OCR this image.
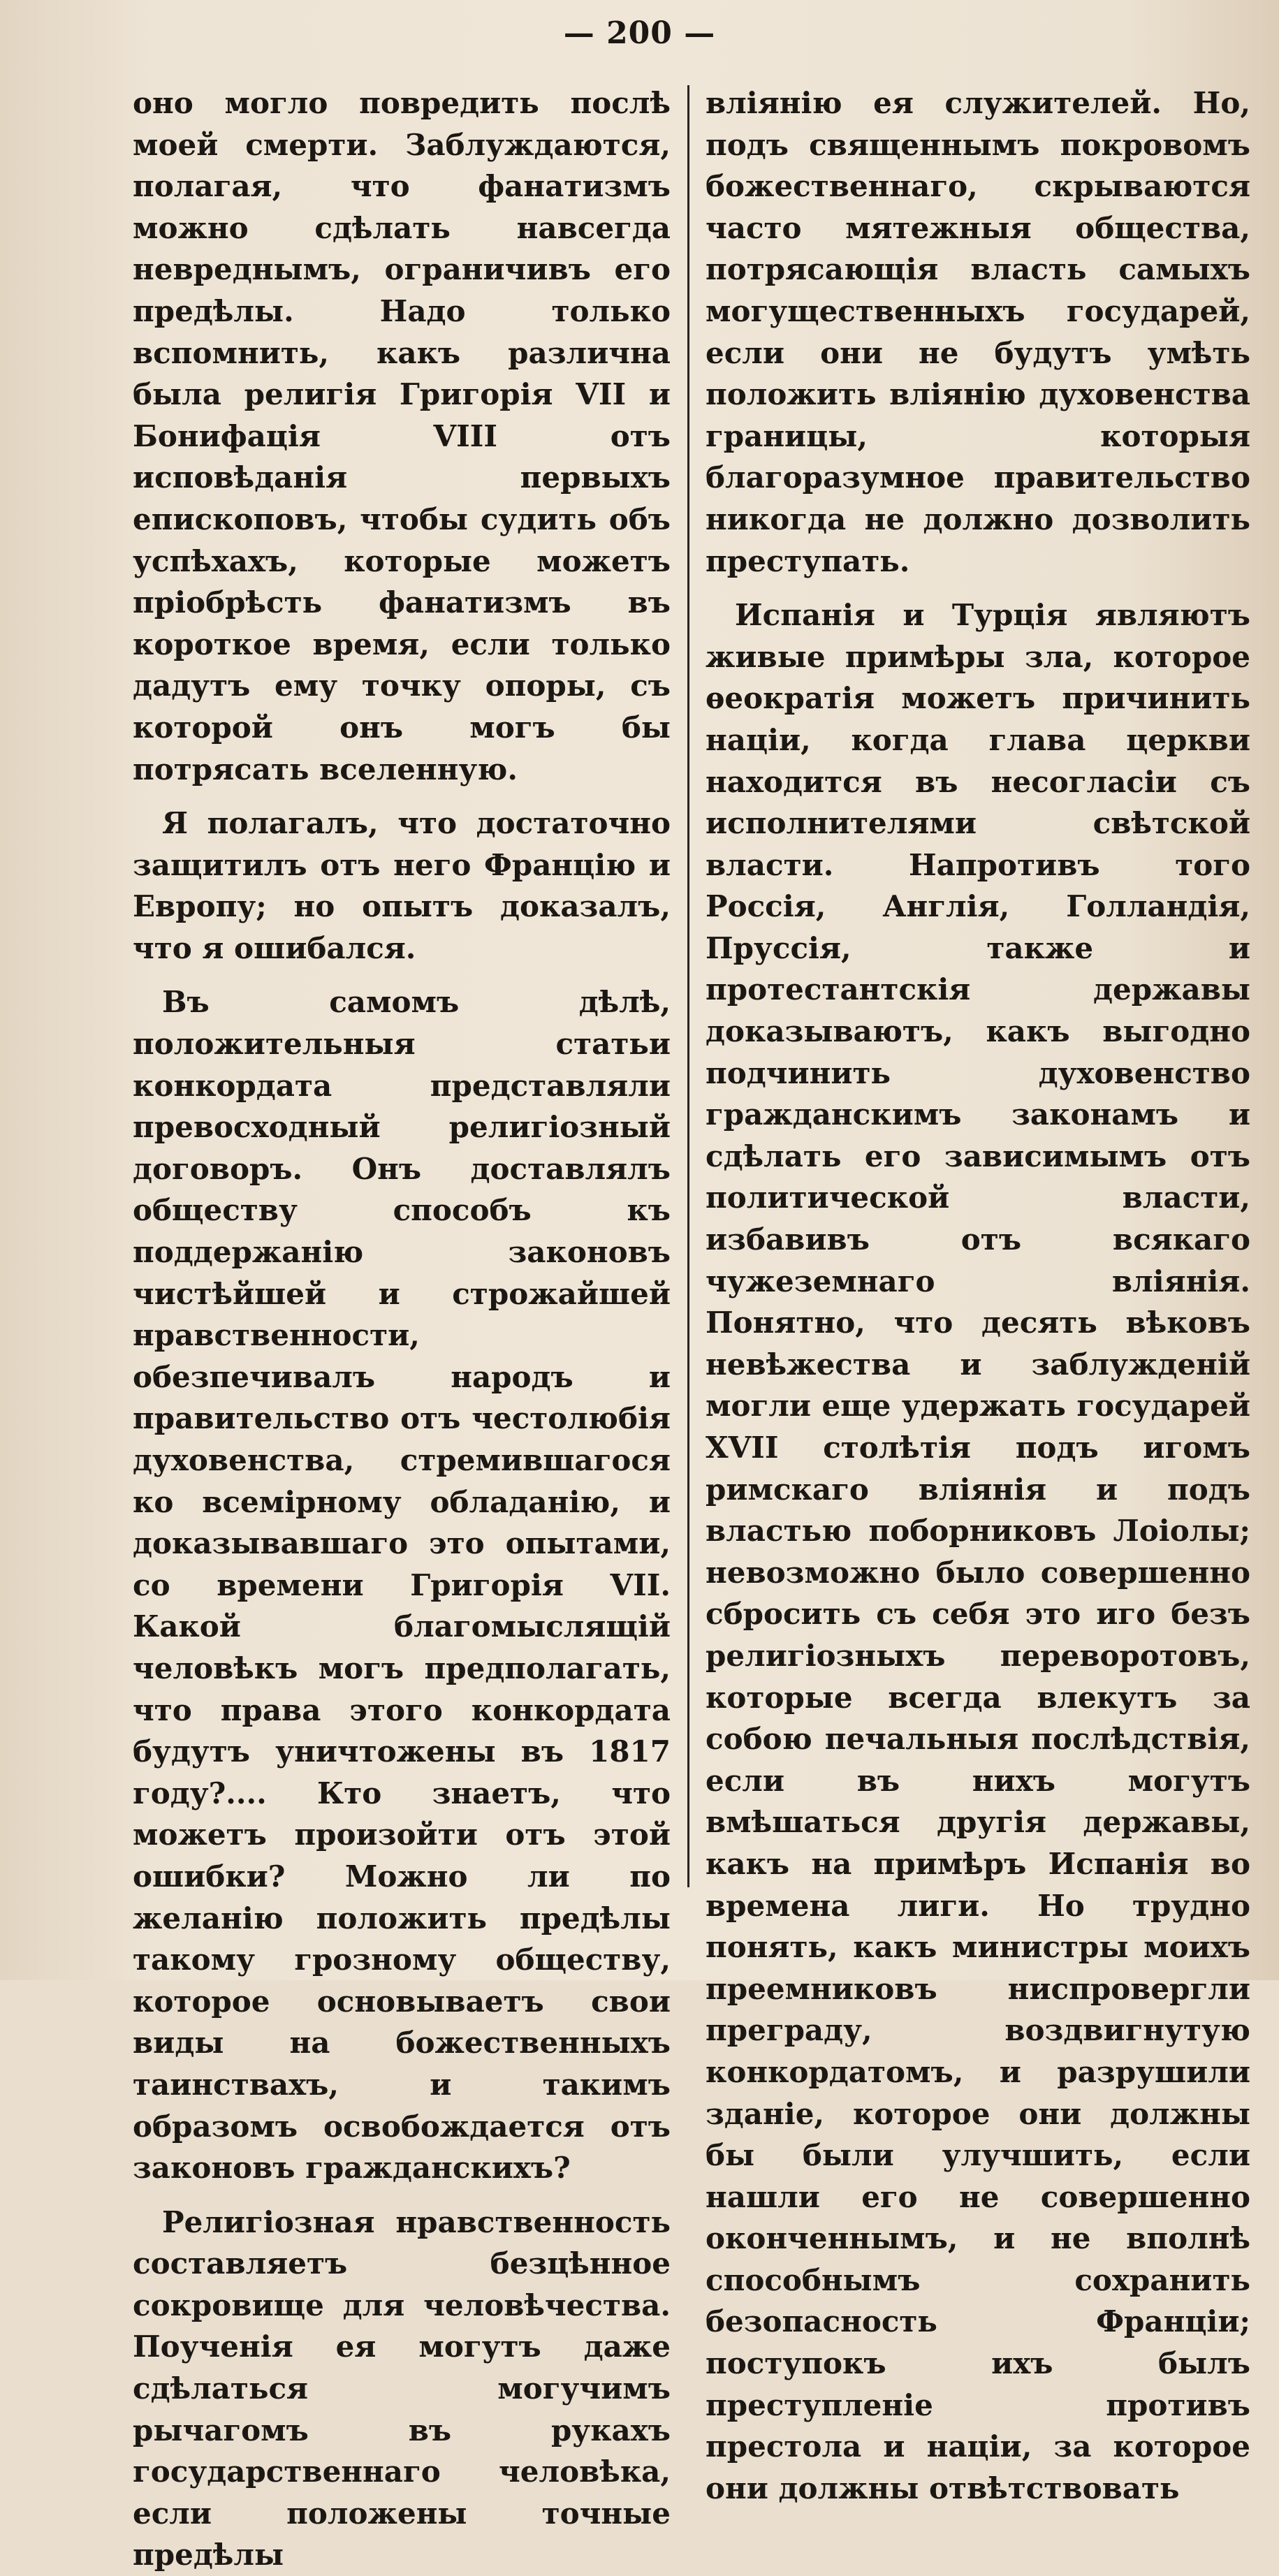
— 200 —

оно могло повредить послѣ моей смерти. Заблуждаются, полагая, что фанатизмъ можно сдѣлать навсегда невреднымъ, ограничивъ его предѣлы. Надо только вспомнить, какъ различна была религія Григорія VII и Бонифація VIII отъ исповѣданія первыхъ епископовъ, чтобы судить объ успѣхахъ, которые можетъ пріобрѣсть фанатизмъ въ короткое время, если только дадутъ ему точку опоры, съ которой онъ могъ бы потрясать вселенную.

Я полагалъ, что достаточно защитилъ отъ него Францію и Европу; но опытъ доказалъ, что я ошибался.

Въ самомъ дѣлѣ, положительныя статьи конкордата представляли превосходный религіозный договоръ. Онъ доставлялъ обществу способъ къ поддержанію законовъ чистѣйшей и строжайшей нравственности, обезпечивалъ народъ и правительство отъ честолюбія духовенства, стремившагося ко всемірному обладанію, и доказывавшаго это опытами, со времени Григорія VII. Какой благомыслящій человѣкъ могъ предполагать, что права этого конкордата будутъ уничтожены въ 1817 году?.... Кто знаетъ, что можетъ произойти отъ этой ошибки? Можно ли по желанію положить предѣлы такому грозному обществу, которое основываетъ свои виды на божественныхъ таинствахъ, и такимъ образомъ освобождается отъ законовъ гражданскихъ?

Религіозная нравственность составляетъ безцѣнное сокровище для человѣчества. Поученія ея могутъ даже сдѣлаться могучимъ рычагомъ въ рукахъ государственнаго человѣка, если положены точные предѣлы

вліянію ея служителей. Но, подъ священнымъ покровомъ божественнаго, скрываются часто мятежныя общества, потрясающія власть самыхъ могущественныхъ государей, если они не будутъ умѣть положить вліянію духовенства границы, которыя благоразумное правительство никогда не должно дозволить преступать.

Испанія и Турція являютъ живые примѣры зла, которое ѳеократія можетъ причинить націи, когда глава церкви находится въ несогласіи съ исполнителями свѣтской власти. Напротивъ того Россія, Англія, Голландія, Пруссія, также и протестантскія державы доказываютъ, какъ выгодно подчинить духовенство гражданскимъ законамъ и сдѣлать его зависимымъ отъ политической власти, избавивъ отъ всякаго чужеземнаго вліянія. Понятно, что десять вѣковъ невѣжества и заблужденій могли еще удержать государей XVII столѣтія подъ игомъ римскаго вліянія и подъ властью поборниковъ Лоіолы; невозможно было совершенно сбросить съ себя это иго безъ религіозныхъ переворотовъ, которые всегда влекутъ за собою печальныя послѣдствія, если въ нихъ могутъ вмѣшаться другія державы, какъ на примѣръ Испанія во времена лиги. Но трудно понять, какъ министры моихъ преемниковъ ниспровергли преграду, воздвигнутую конкордатомъ, и разрушили зданіе, которое они должны бы были улучшить, если нашли его не совершенно оконченнымъ, и не вполнѣ способнымъ сохранить безопасность Франціи; поступокъ ихъ былъ преступленіе противъ престола и націи, за которое они должны отвѣтствовать
